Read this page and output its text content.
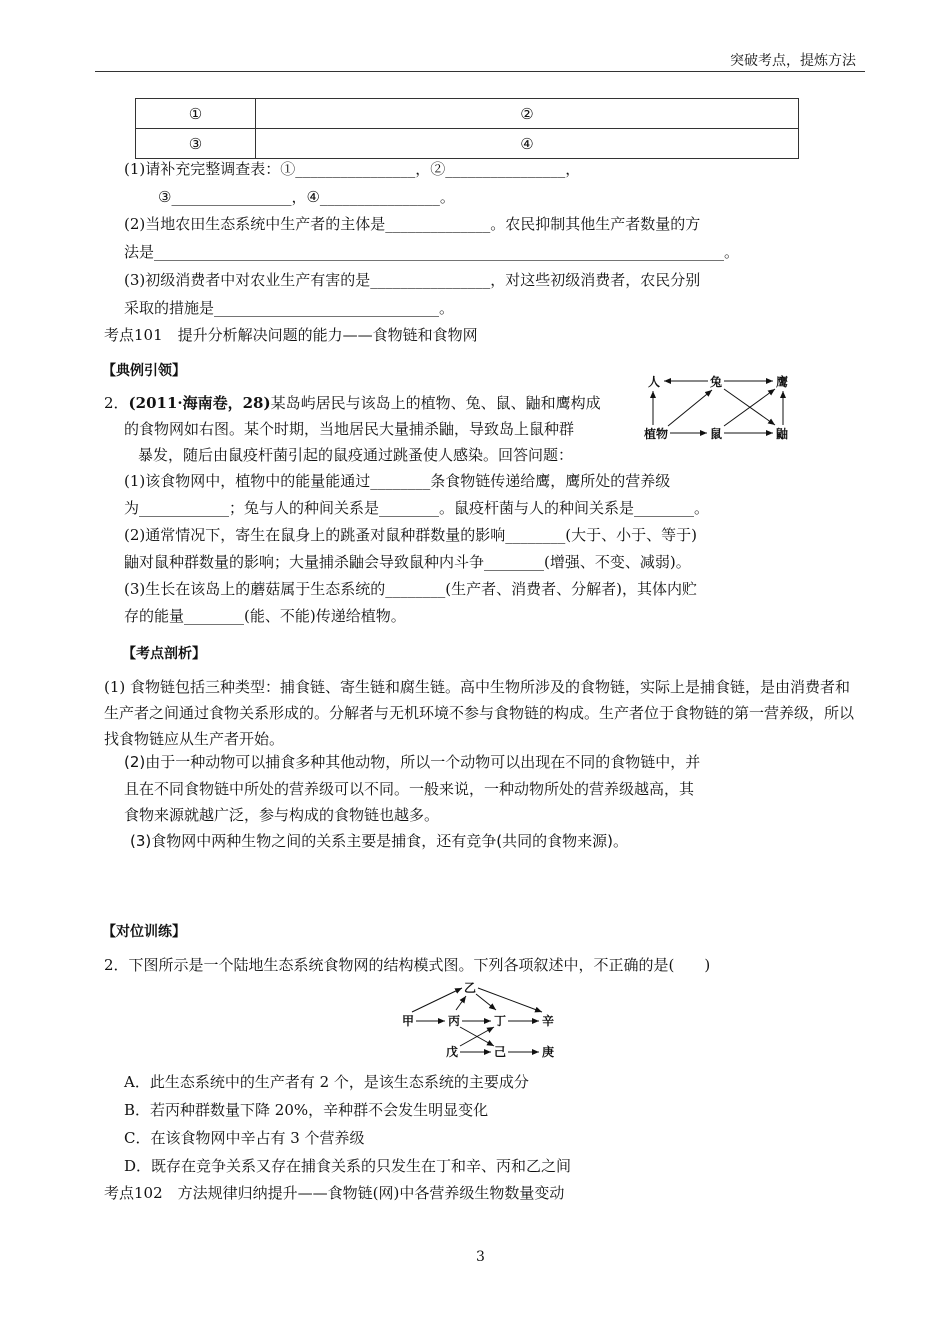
突破考点，提炼方法
①	②
③	④
(1)请补充完整调查表：①________________，②________________，
③________________，④________________。
(2)当地农田生态系统中生产者的主体是______________。农民抑制其他生产者数量的方
法是____________________________________________________________________________。
(3)初级消费者中对农业生产有害的是________________，对这些初级消费者，农民分别
采取的措施是______________________________。
考点101　提升分析解决问题的能力——食物链和食物网
【典例引领】
2．(2011·海南卷，28)某岛屿居民与该岛上的植物、兔、鼠、鼬和鹰构成
的食物网如右图。某个时期，当地居民大量捕杀鼬，导致岛上鼠种群
暴发，随后由鼠疫杆菌引起的鼠疫通过跳蚤使人感染。回答问题：
(1)该食物网中，植物中的能量能通过________条食物链传递给鹰，鹰所处的营养级
为____________；兔与人的种间关系是________。鼠疫杆菌与人的种间关系是________。
(2)通常情况下，寄生在鼠身上的跳蚤对鼠种群数量的影响________(大于、小于、等于)
鼬对鼠种群数量的影响；大量捕杀鼬会导致鼠种内斗争________(增强、不变、减弱)。
(3)生长在该岛上的蘑菇属于生态系统的________(生产者、消费者、分解者)，其体内贮
存的能量________(能、不能)传递给植物。
人	兔	鹰
植物	鼠	鼬
【考点剖析】
(1) 食物链包括三种类型：捕食链、寄生链和腐生链。高中生物所涉及的食物链，实际上是捕食链，是由消费者和生产者之间通过食物关系形成的。分解者与无机环境不参与食物链的构成。生产者位于食物链的第一营养级，所以找食物链应从生产者开始。
(2)由于一种动物可以捕食多种其他动物，所以一个动物可以出现在不同的食物链中，并
且在不同食物链中所处的营养级可以不同。一般来说，一种动物所处的营养级越高，其
食物来源就越广泛，参与构成的食物链也越多。
(3)食物网中两种生物之间的关系主要是捕食，还有竞争(共同的食物来源)。
【对位训练】
2．下图所示是一个陆地生态系统食物网的结构模式图。下列各项叙述中，不正确的是(　　)
乙
甲	丙	丁	辛
戊	己	庚
A．此生态系统中的生产者有 2 个，是该生态系统的主要成分
B．若丙种群数量下降 20%，辛种群不会发生明显变化
C．在该食物网中辛占有 3 个营养级
D．既存在竞争关系又存在捕食关系的只发生在丁和辛、丙和乙之间
考点102　方法规律归纳提升——食物链(网)中各营养级生物数量变动
3
